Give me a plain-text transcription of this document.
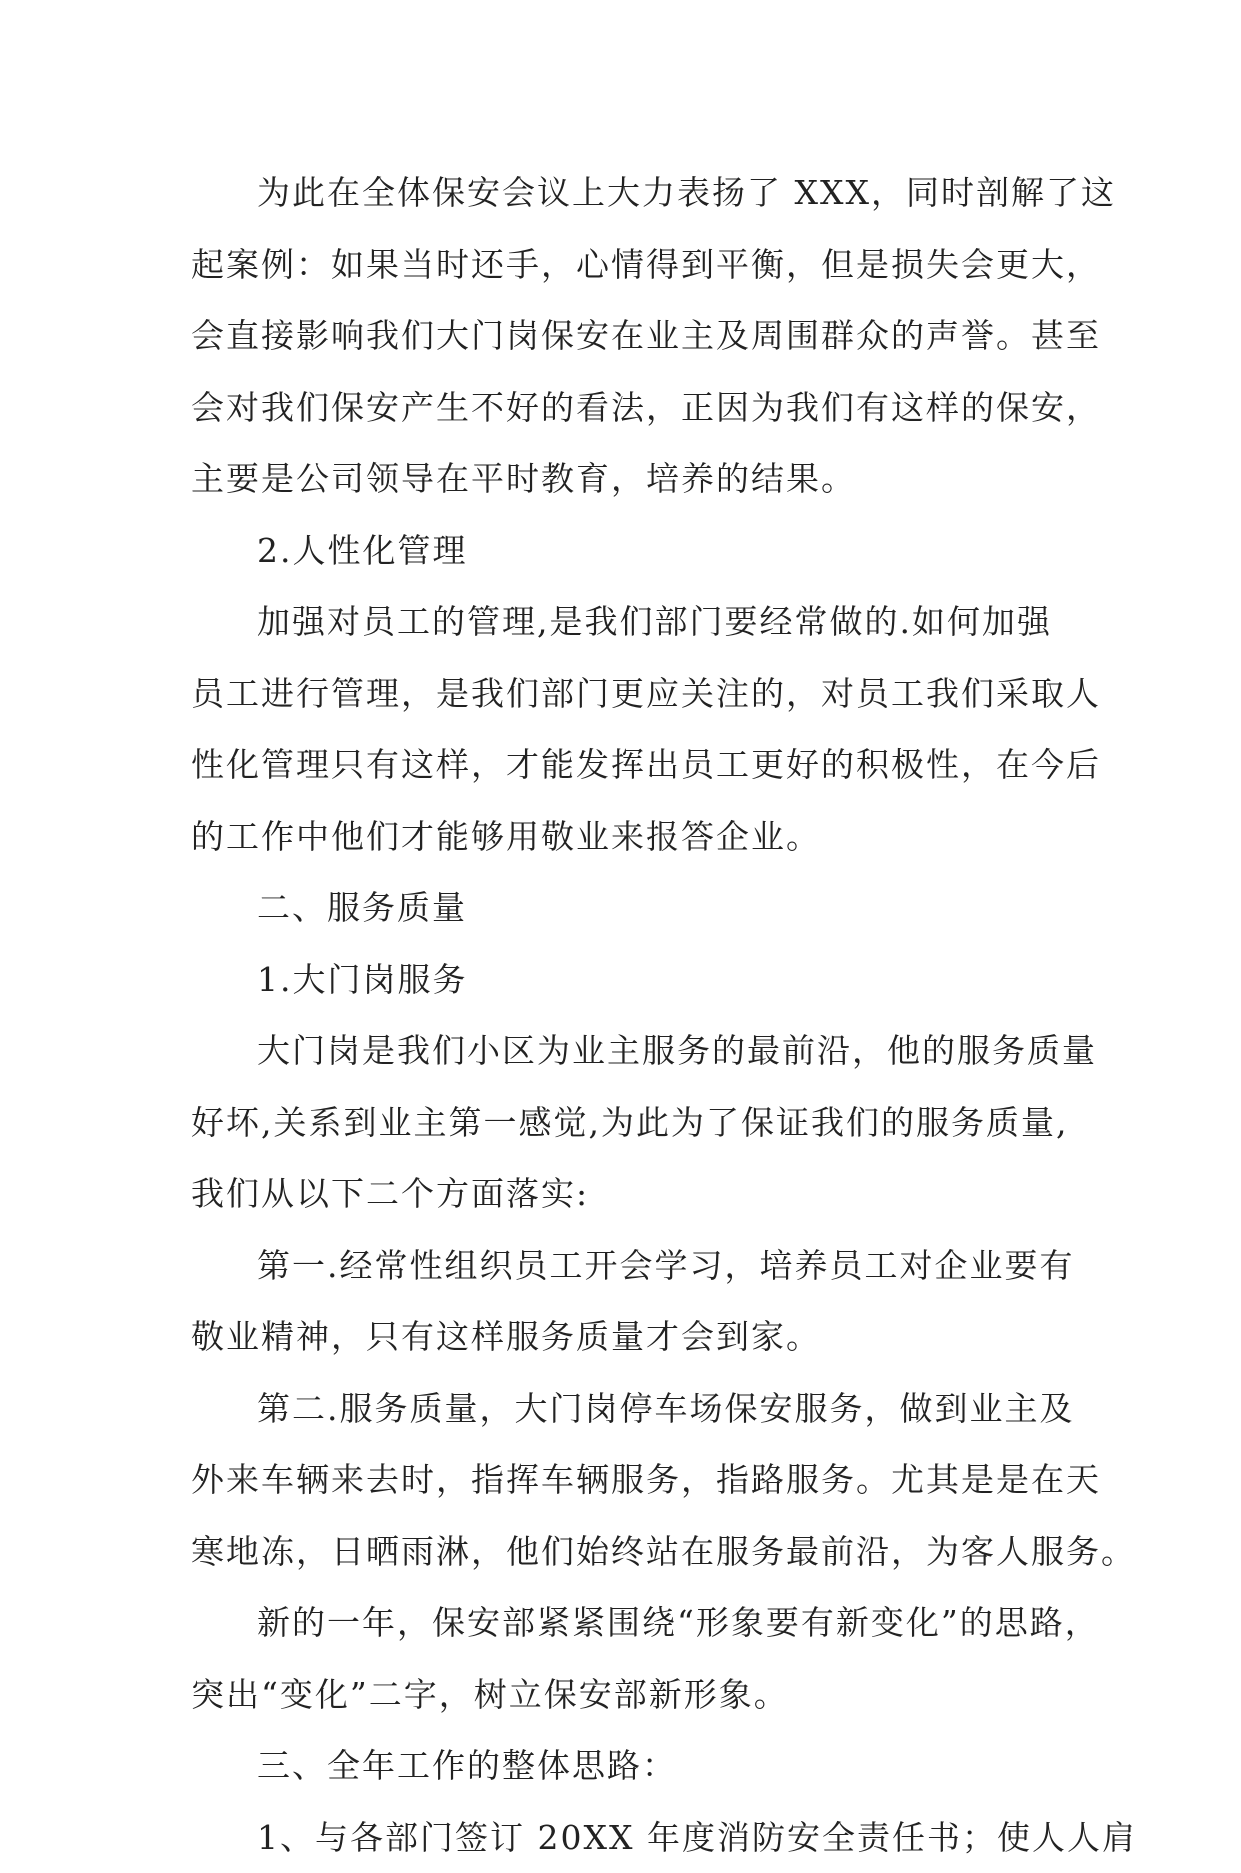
为此在全体保安会议上大力表扬了 XXX，同时剖解了这
起案例：如果当时还手，心情得到平衡，但是损失会更大，
会直接影响我们大门岗保安在业主及周围群众的声誉。甚至
会对我们保安产生不好的看法，正因为我们有这样的保安，
主要是公司领导在平时教育，培养的结果。
2.人性化管理
加强对员工的管理,是我们部门要经常做的.如何加强
员工进行管理，是我们部门更应关注的，对员工我们采取人
性化管理只有这样，才能发挥出员工更好的积极性，在今后
的工作中他们才能够用敬业来报答企业。
二、服务质量
1.大门岗服务
大门岗是我们小区为业主服务的最前沿，他的服务质量
好坏,关系到业主第一感觉,为此为了保证我们的服务质量,
我们从以下二个方面落实:
第一.经常性组织员工开会学习，培养员工对企业要有
敬业精神，只有这样服务质量才会到家。
第二.服务质量，大门岗停车场保安服务，做到业主及
外来车辆来去时，指挥车辆服务，指路服务。尤其是是在天
寒地冻，日晒雨淋，他们始终站在服务最前沿，为客人服务。
新的一年，保安部紧紧围绕“形象要有新变化”的思路，
突出“变化”二字，树立保安部新形象。
三、全年工作的整体思路：
1、与各部门签订 20XX 年度消防安全责任书；使人人肩
